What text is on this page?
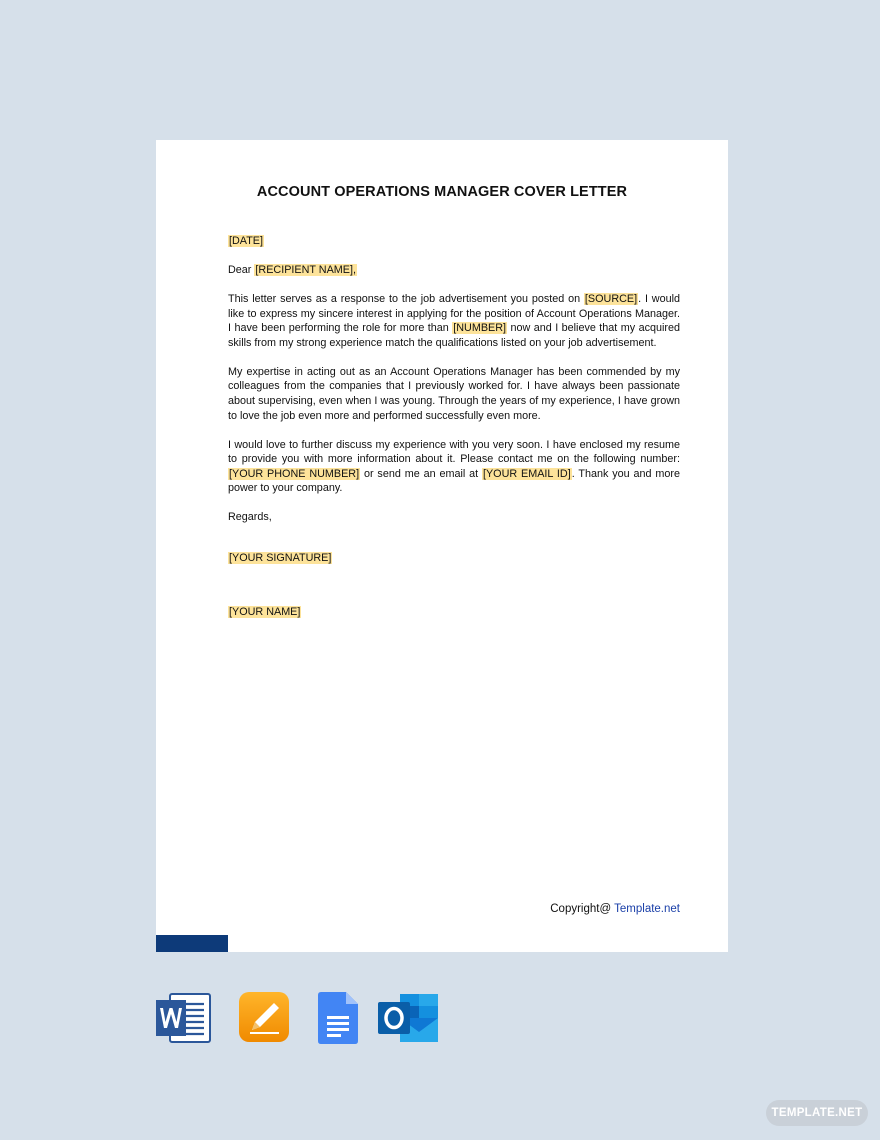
ACCOUNT OPERATIONS MANAGER COVER LETTER

[DATE]

Dear [RECIPIENT NAME],

This letter serves as a response to the job advertisement you posted on [SOURCE]. I would like to express my sincere interest in applying for the position of Account Operations Manager. I have been performing the role for more than [NUMBER] now and I believe that my acquired skills from my strong experience match the qualifications listed on your job advertisement.

My expertise in acting out as an Account Operations Manager has been commended by my colleagues from the companies that I previously worked for. I have always been passionate about supervising, even when I was young. Through the years of my experience, I have grown to love the job even more and performed successfully even more.

I would love to further discuss my experience with you very soon. I have enclosed my resume to provide you with more information about it. Please contact me on the following number: [YOUR PHONE NUMBER] or send me an email at [YOUR EMAIL ID]. Thank you and more power to your company.

Regards,

[YOUR SIGNATURE]

[YOUR NAME]

Copyright@ Template.net
TEMPLATE.NET
